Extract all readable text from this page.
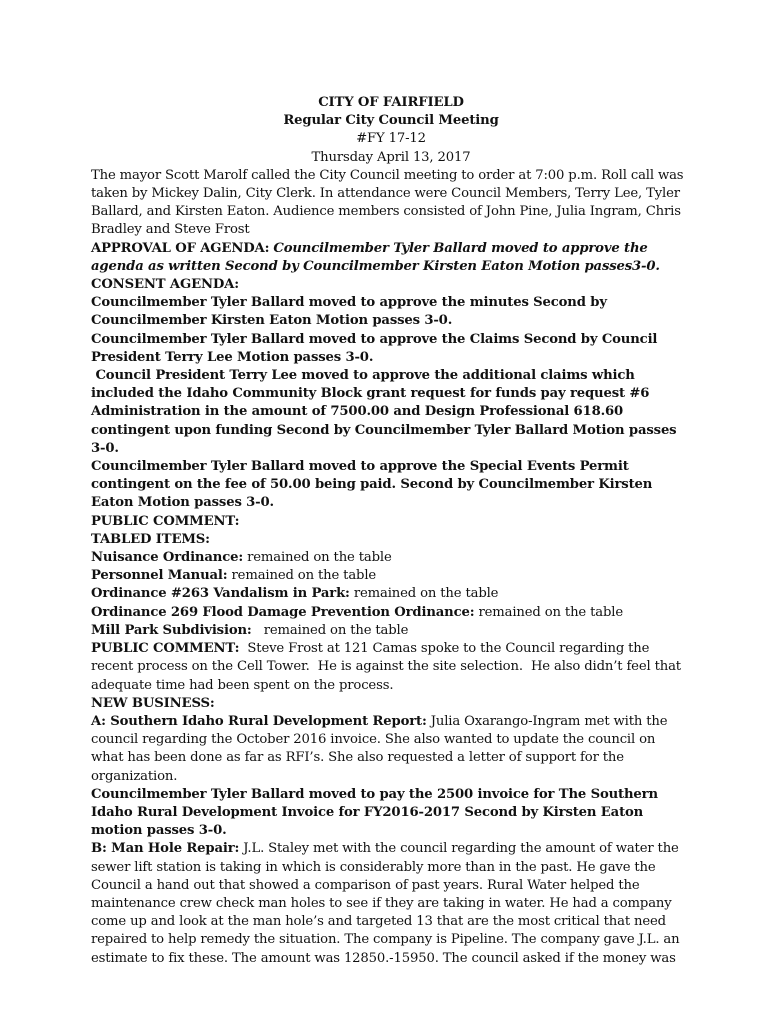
CITY OF FAIRFIELD

Regular City Council Meeting

#FY 17-12

Thursday April 13, 2017

The mayor Scott Marolf called the City Council meeting to order at 7:00 p.m. Roll call was taken by Mickey Dalin, City Clerk. In attendance were Council Members, Terry Lee, Tyler Ballard, and Kirsten Eaton. Audience members consisted of John Pine, Julia Ingram, Chris Bradley and Steve Frost

APPROVAL OF AGENDA: Councilmember Tyler Ballard moved to approve the agenda as written Second by Councilmember Kirsten Eaton Motion passes3-0.

CONSENT AGENDA:

Councilmember Tyler Ballard moved to approve the minutes Second by Councilmember Kirsten Eaton Motion passes 3-0.

Councilmember Tyler Ballard moved to approve the Claims Second by Council President Terry Lee Motion passes 3-0.

Council President Terry Lee moved to approve the additional claims which included the Idaho Community Block grant request for funds pay request #6 Administration in the amount of 7500.00 and Design Professional 618.60 contingent upon funding Second by Councilmember Tyler Ballard Motion passes 3-0.

Councilmember Tyler Ballard moved to approve the Special Events Permit contingent on the fee of 50.00 being paid. Second by Councilmember Kirsten Eaton Motion passes 3-0.

PUBLIC COMMENT:

TABLED ITEMS:

Nuisance Ordinance: remained on the table

Personnel Manual: remained on the table

Ordinance #263 Vandalism in Park: remained on the table

Ordinance 269 Flood Damage Prevention Ordinance: remained on the table

Mill Park Subdivision:   remained on the table

PUBLIC COMMENT:  Steve Frost at 121 Camas spoke to the Council regarding the recent process on the Cell Tower.  He is against the site selection.  He also didn’t feel that adequate time had been spent on the process.

NEW BUSINESS:

A: Southern Idaho Rural Development Report: Julia Oxarango-Ingram met with the council regarding the October 2016 invoice. She also wanted to update the council on what has been done as far as RFI’s. She also requested a letter of support for the organization.

Councilmember Tyler Ballard moved to pay the 2500 invoice for The Southern Idaho Rural Development Invoice for FY2016-2017 Second by Kirsten Eaton motion passes 3-0.

B: Man Hole Repair: J.L. Staley met with the council regarding the amount of water the sewer lift station is taking in which is considerably more than in the past. He gave the Council a hand out that showed a comparison of past years. Rural Water helped the maintenance crew check man holes to see if they are taking in water. He had a company come up and look at the man hole’s and targeted 13 that are the most critical that need repaired to help remedy the situation. The company is Pipeline. The company gave J.L. an estimate to fix these. The amount was 12850.-15950. The council asked if the money was
